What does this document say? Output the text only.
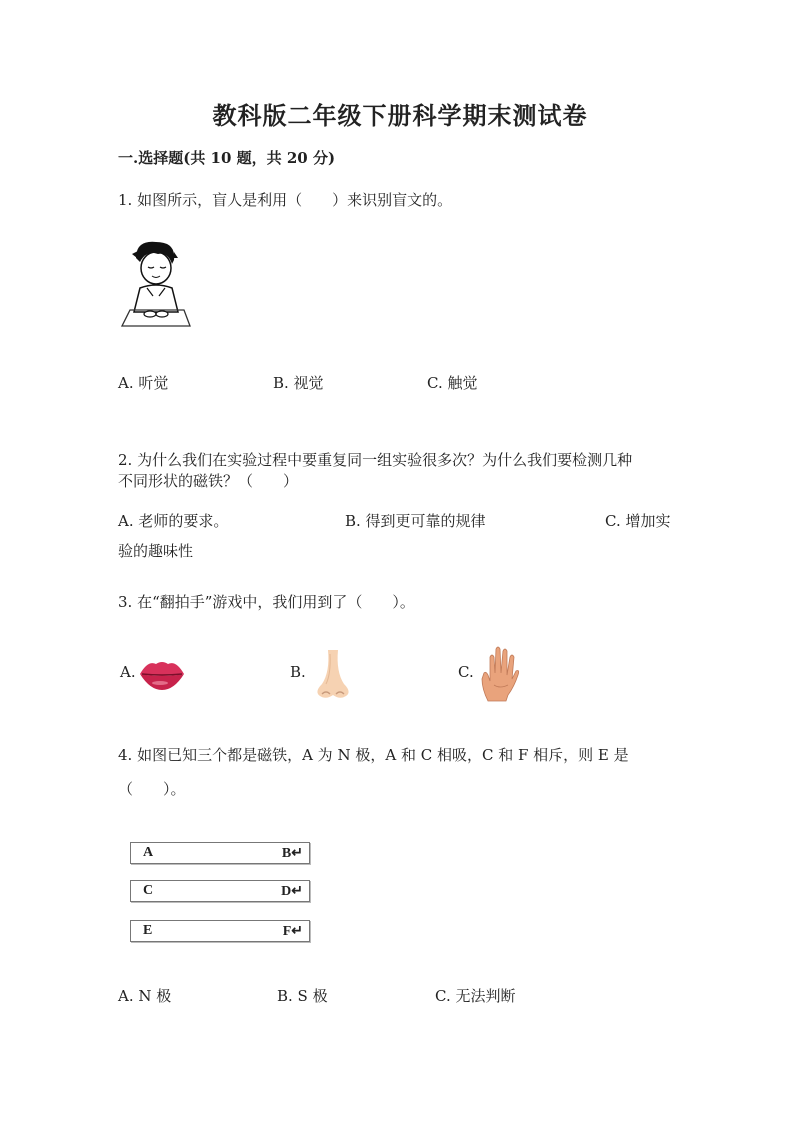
教科版二年级下册科学期末测试卷
一.选择题(共 10 题，共 20 分)
1. 如图所示，盲人是利用（　　）来识别盲文的。
A. 听觉	B. 视觉	C. 触觉
2. 为什么我们在实验过程中要重复同一组实验很多次？为什么我们要检测几种
不同形状的磁铁？（　　）
A. 老师的要求。	B. 得到更可靠的规律	C. 增加实
验的趣味性
3. 在“翻拍手”游戏中，我们用到了（　　）。
A.	B.	C.
4. 如图已知三个都是磁铁，A 为 N 极，A 和 C 相吸，C 和 F 相斥，则 E 是
（　　）。
A	B↵
C	D↵
E	F↵
A. N 极	B. S 极	C. 无法判断
